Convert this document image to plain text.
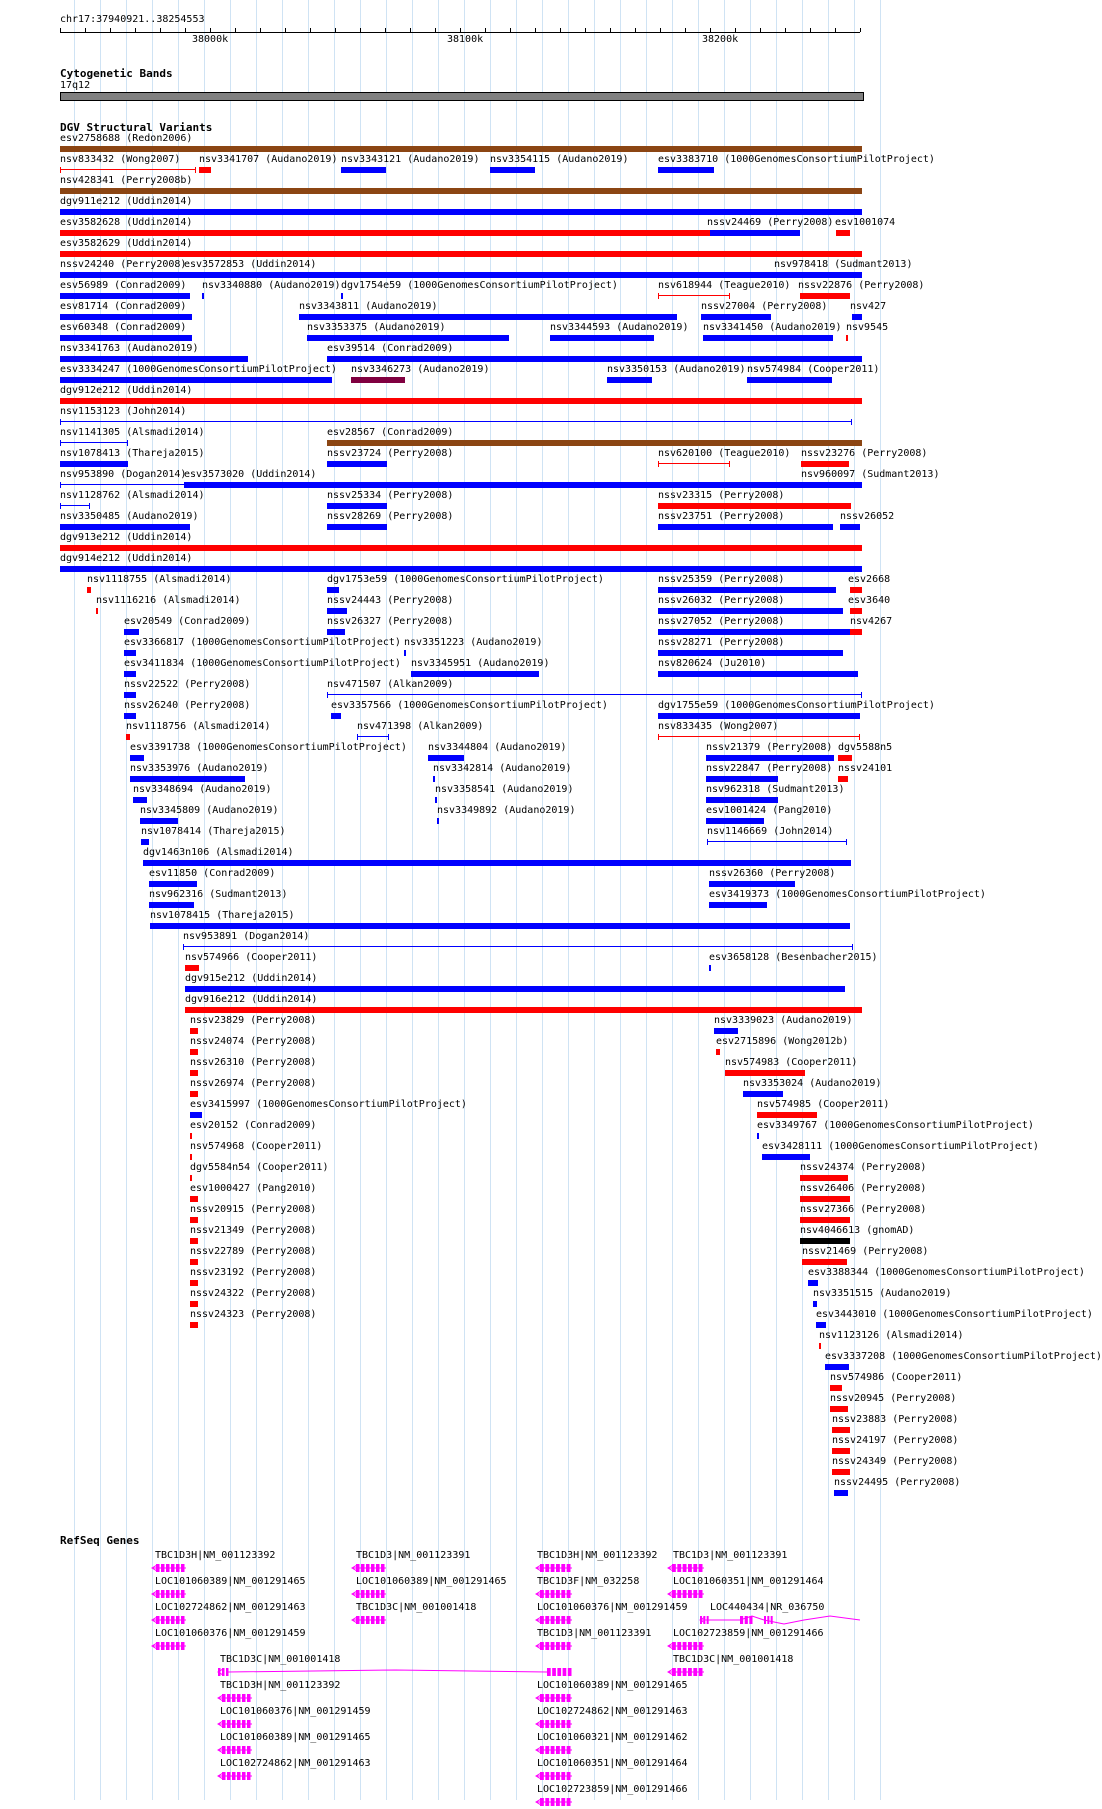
chr17:37940921..38254553
38000k	38100k	38200k
Cytogenetic Bands
17q12
DGV Structural Variants
esv2758688 (Redon2006)
nsv833432 (Wong2007) nsv3341707 (Audano2019) nsv3343121 (Audano2019) nsv3354115 (Audano2019)	esv3383710 (1000GenomesConsortiumPilotProject)
nsv428341 (Perry2008b)
dgv911e212 (Uddin2014)
esv3582628 (Uddin2014)	nssv24469 (Perry2008) esv1001074
esv3582629 (Uddin2014)
nssv24240 (Perry2008)
esv3572853 (Uddin2014)	nsv978418 (Sudmant2013)
esv56989 (Conrad2009) nsv3340880 (Audano2019) dgv1754e59 (1000GenomesConsortiumPilotProject)	nsv618944 (Teague2010) nssv22876 (Perry2008)
esv81714 (Conrad2009)	nsv3343811 (Audano2019)	nssv27004 (Perry2008) nsv427
esv60348 (Conrad2009)	nsv3353375 (Audano2019)	nsv3344593 (Audano2019) nsv3341450 (Audano2019) nsv9545
nsv3341763 (Audano2019)	esv39514 (Conrad2009)
esv3334247 (1000GenomesConsortiumPilotProject) nsv3346273 (Audano2019)	nsv3350153 (Audano2019) nsv574984 (Cooper2011)
dgv912e212 (Uddin2014)
nsv1153123 (John2014)
nsv1141305 (Alsmadi2014)	esv28567 (Conrad2009)
nsv1078413 (Thareja2015)	nssv23724 (Perry2008)	nsv620100 (Teague2010) nssv23276 (Perry2008)
nsv953890 (Dogan2014)
esv3573020 (Uddin2014)	nsv960097 (Sudmant2013)
nsv1128762 (Alsmadi2014)	nssv25334 (Perry2008)	nssv23315 (Perry2008)
nsv3350485 (Audano2019)	nssv28269 (Perry2008)	nssv23751 (Perry2008)	nssv26052
dgv913e212 (Uddin2014)
dgv914e212 (Uddin2014)
nsv1118755 (Alsmadi2014)	dgv1753e59 (1000GenomesConsortiumPilotProject)	nssv25359 (Perry2008)	esv2668
nsv1116216 (Alsmadi2014)	nssv24443 (Perry2008)	nssv26032 (Perry2008)	esv3640
esv20549 (Conrad2009)	nssv26327 (Perry2008)	nssv27052 (Perry2008)	nsv4267
esv3366817 (1000GenomesConsortiumPilotProject) nsv3351223 (Audano2019)	nssv28271 (Perry2008)
esv3411834 (1000GenomesConsortiumPilotProject) nsv3345951 (Audano2019)	nsv820624 (Ju2010)
nssv22522 (Perry2008)	nsv471507 (Alkan2009)
nssv26240 (Perry2008)	esv3357566 (1000GenomesConsortiumPilotProject)	dgv1755e59 (1000GenomesConsortiumPilotProject)
nsv1118756 (Alsmadi2014)	nsv471398 (Alkan2009)	nsv833435 (Wong2007)
esv3391738 (1000GenomesConsortiumPilotProject) nsv3344804 (Audano2019)	nssv21379 (Perry2008) dgv5588n5
nsv3353976 (Audano2019)	nsv3342814 (Audano2019)	nssv22847 (Perry2008) nssv24101
nsv3348694 (Audano2019)	nsv3358541 (Audano2019)	nsv962318 (Sudmant2013)
nsv3345809 (Audano2019)	nsv3349892 (Audano2019)	esv1001424 (Pang2010)
nsv1078414 (Thareja2015)	nsv1146669 (John2014)
dgv1463n106 (Alsmadi2014)
esv11850 (Conrad2009)	nssv26360 (Perry2008)
nsv962316 (Sudmant2013)	esv3419373 (1000GenomesConsortiumPilotProject)
nsv1078415 (Thareja2015)
nsv953891 (Dogan2014)
nsv574966 (Cooper2011)	esv3658128 (Besenbacher2015)
dgv915e212 (Uddin2014)
dgv916e212 (Uddin2014)
nssv23829 (Perry2008)	nsv3339023 (Audano2019)
nssv24074 (Perry2008)	esv2715896 (Wong2012b)
nssv26310 (Perry2008)	nsv574983 (Cooper2011)
nssv26974 (Perry2008)	nsv3353024 (Audano2019)
esv3415997 (1000GenomesConsortiumPilotProject)	nsv574985 (Cooper2011)
esv20152 (Conrad2009)	esv3349767 (1000GenomesConsortiumPilotProject)
nsv574968 (Cooper2011)	esv3428111 (1000GenomesConsortiumPilotProject)
dgv5584n54 (Cooper2011)	nssv24374 (Perry2008)
esv1000427 (Pang2010)	nssv26406 (Perry2008)
nssv20915 (Perry2008)	nssv27366 (Perry2008)
nssv21349 (Perry2008)	nsv4046613 (gnomAD)
nssv22789 (Perry2008)	nssv21469 (Perry2008)
nssv23192 (Perry2008)	esv3388344 (1000GenomesConsortiumPilotProject)
nssv24322 (Perry2008)	nsv3351515 (Audano2019)
nssv24323 (Perry2008)	esv3443010 (1000GenomesConsortiumPilotProject)
nsv1123126 (Alsmadi2014)
esv3337208 (1000GenomesConsortiumPilotProject)
nsv574986 (Cooper2011)
nssv20945 (Perry2008)
nssv23883 (Perry2008)
nssv24197 (Perry2008)
nssv24349 (Perry2008)
nssv24495 (Perry2008)
RefSeq Genes
TBC1D3H|NM_001123392	TBC1D3|NM_001123391	TBC1D3H|NM_001123392 TBC1D3|NM_001123391
LOC101060389|NM_001291465	LOC101060389|NM_001291465	TBC1D3F|NM_032258	LOC101060351|NM_001291464
LOC102724862|NM_001291463	TBC1D3C|NM_001001418	LOC101060376|NM_001291459 LOC440434|NR_036750
LOC101060376|NM_001291459	TBC1D3|NM_001123391 LOC102723859|NM_001291466
TBC1D3C|NM_001001418	TBC1D3C|NM_001001418
TBC1D3H|NM_001123392	LOC101060389|NM_001291465
LOC101060376|NM_001291459	LOC102724862|NM_001291463
LOC101060389|NM_001291465	LOC101060321|NM_001291462
LOC102724862|NM_001291463	LOC101060351|NM_001291464
LOC102723859|NM_001291466
